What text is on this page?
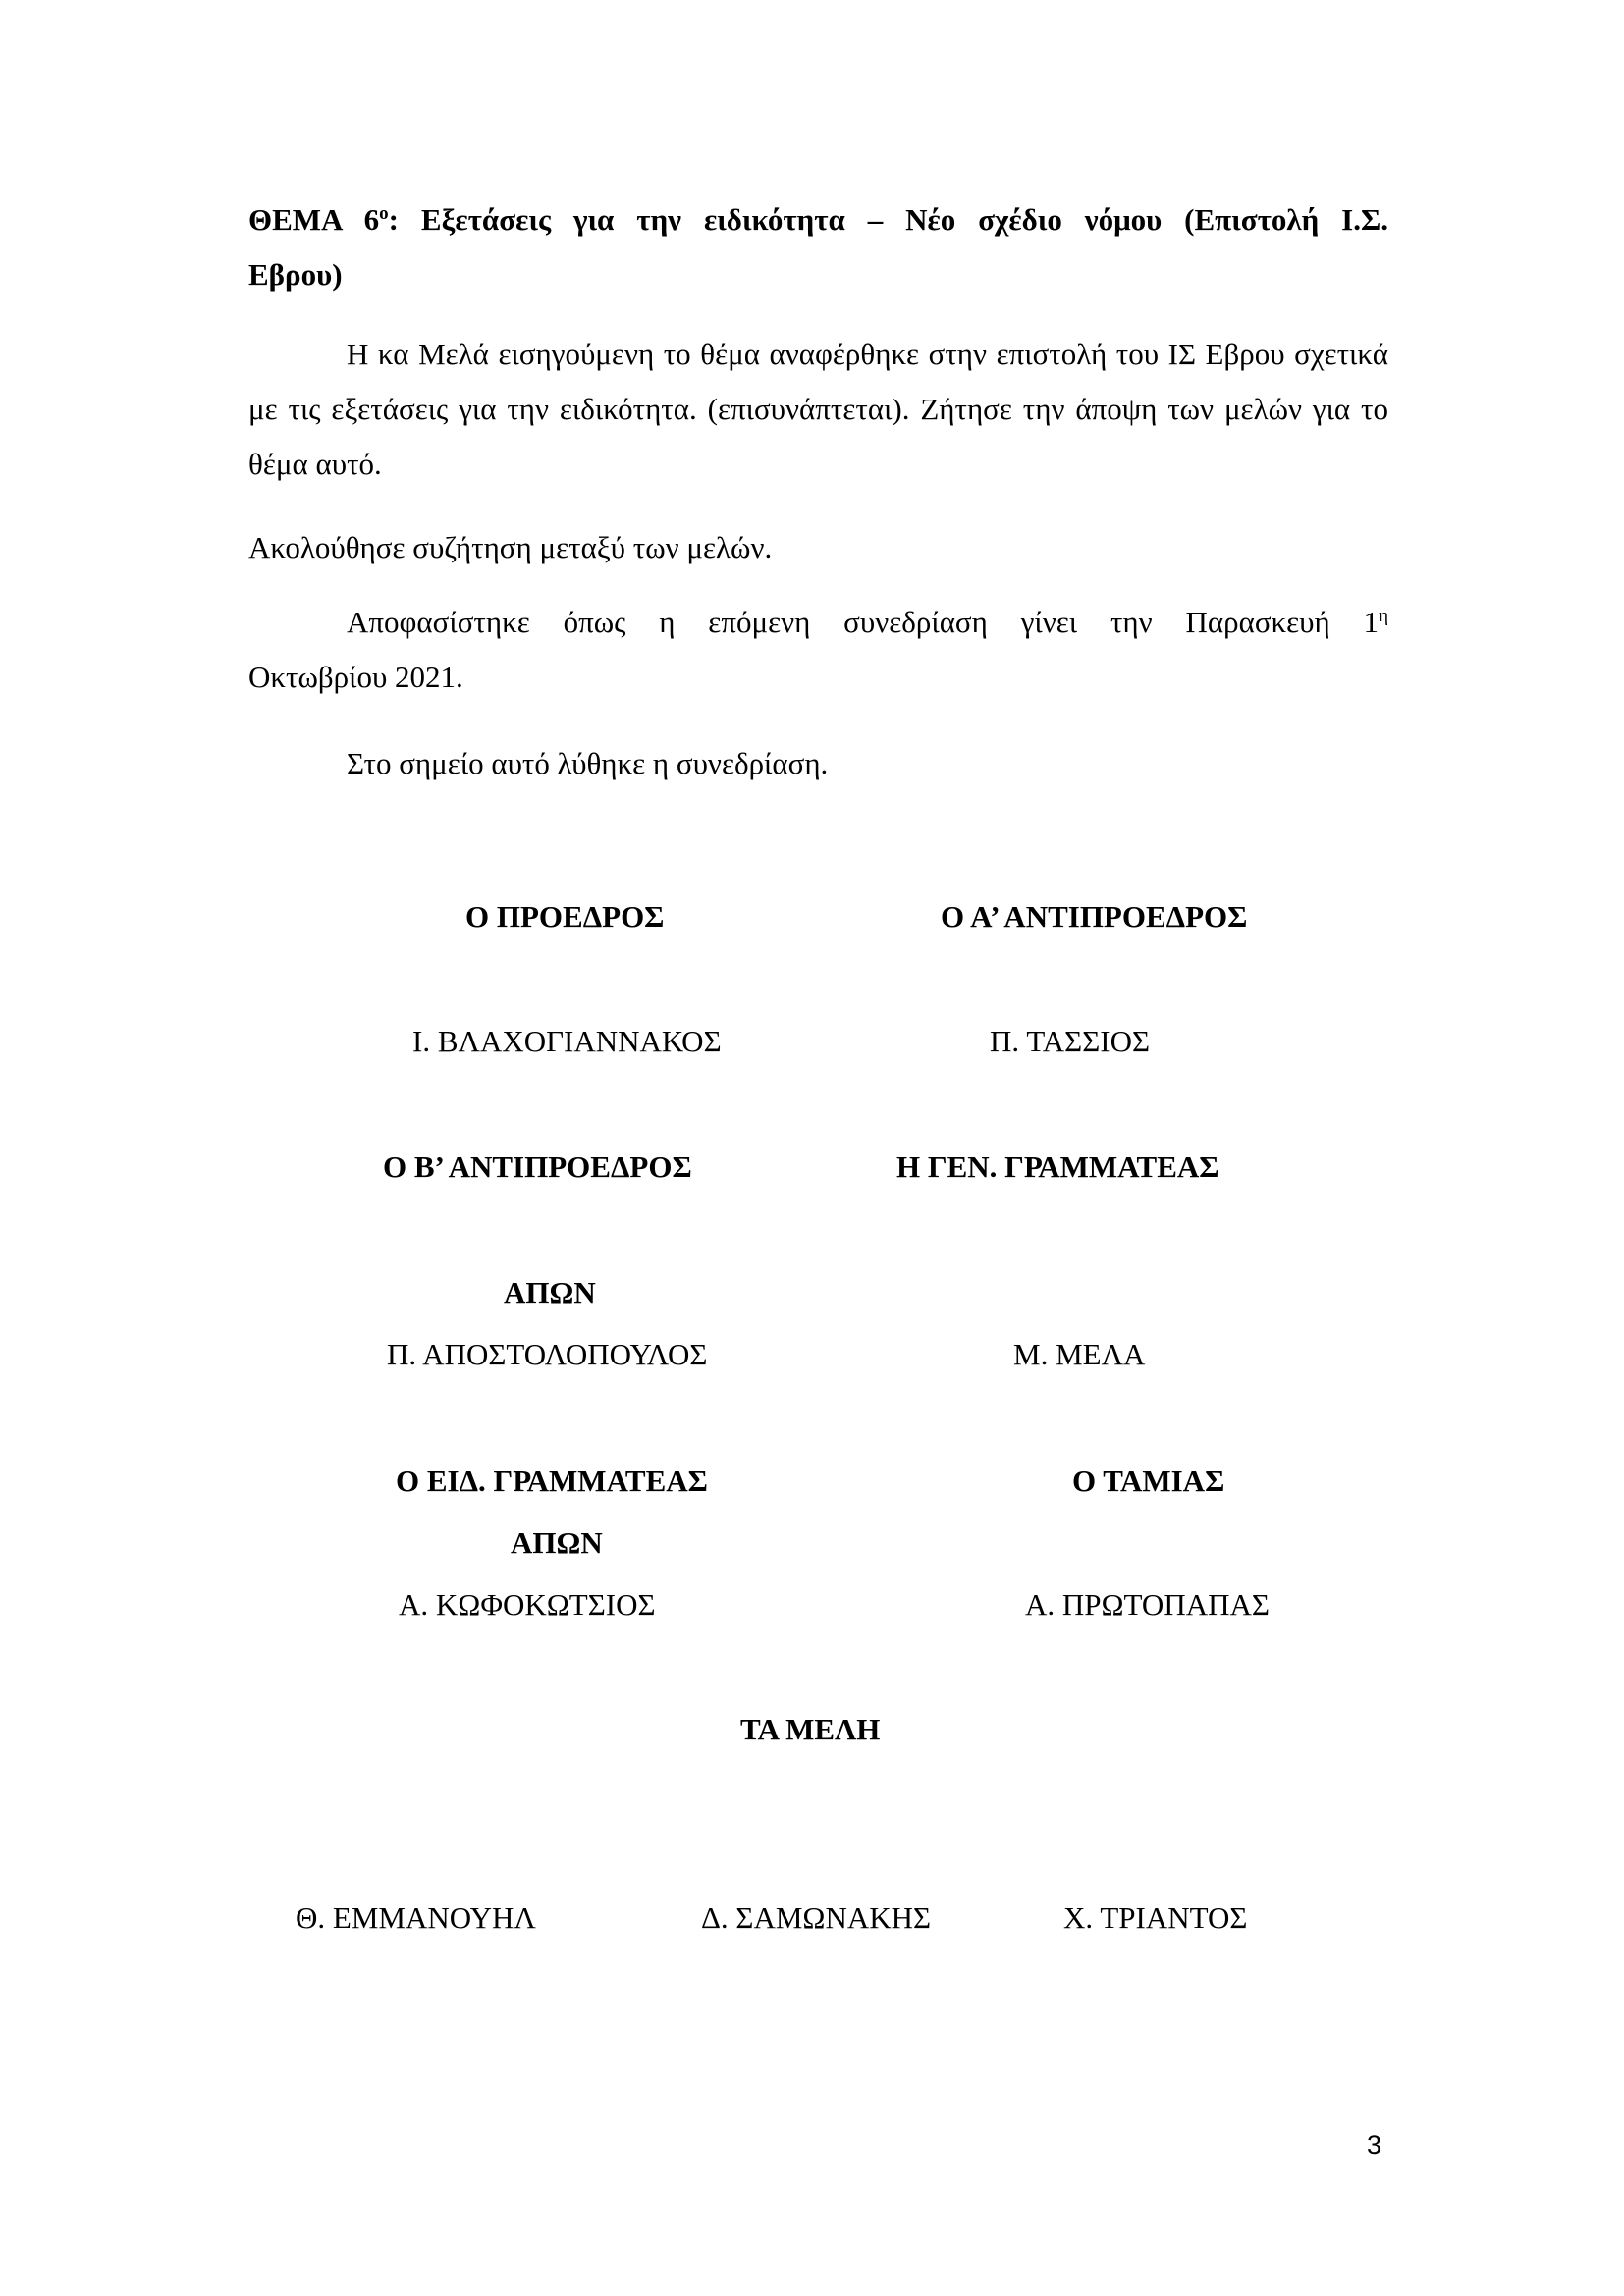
ΘΕΜΑ $6^o$: Εξετάσεις για την ειδικότητα – Νέο σχέδιο νόμου (Επιστολή Ι.Σ.
Εβρου)
Η κα Μελά εισηγούμενη το θέμα αναφέρθηκε στην επιστολή του ΙΣ Εβρου σχετικά με τις εξετάσεις για την ειδικότητα. (επισυνάπτεται). Ζήτησε την άποψη των μελών για το θέμα αυτό.
Ακολούθησε συζήτηση μεταξύ των μελών.
Αποφασίστηκε όπως η επόμενη συνεδρίαση γίνει την Παρασκευή $1^\eta$
Οκτωβρίου 2021.
Στο σημείο αυτό λύθηκε η συνεδρίαση.
Ο ΠΡΟΕΔΡΟΣ	Ο Α’ ΑΝΤΙΠΡΟΕΔΡΟΣ
Ι. ΒΛΑΧΟΓΙΑΝΝΑΚΟΣ	Π. ΤΑΣΣΙΟΣ
Ο Β’ ΑΝΤΙΠΡΟΕΔΡΟΣ	Η ΓΕΝ. ΓΡΑΜΜΑΤΕΑΣ
ΑΠΩΝ
Π. ΑΠΟΣΤΟΛΟΠΟΥΛΟΣ	Μ. ΜΕΛΑ
Ο ΕΙΔ. ΓΡΑΜΜΑΤΕΑΣ	Ο ΤΑΜΙΑΣ
ΑΠΩΝ
Α. ΚΩΦΟΚΩΤΣΙΟΣ	Α. ΠΡΩΤΟΠΑΠΑΣ
ΤΑ ΜΕΛΗ
Θ. ΕΜΜΑΝΟΥΗΛ	Δ. ΣΑΜΩΝΑΚΗΣ	Χ. ΤΡΙΑΝΤΟΣ
3
